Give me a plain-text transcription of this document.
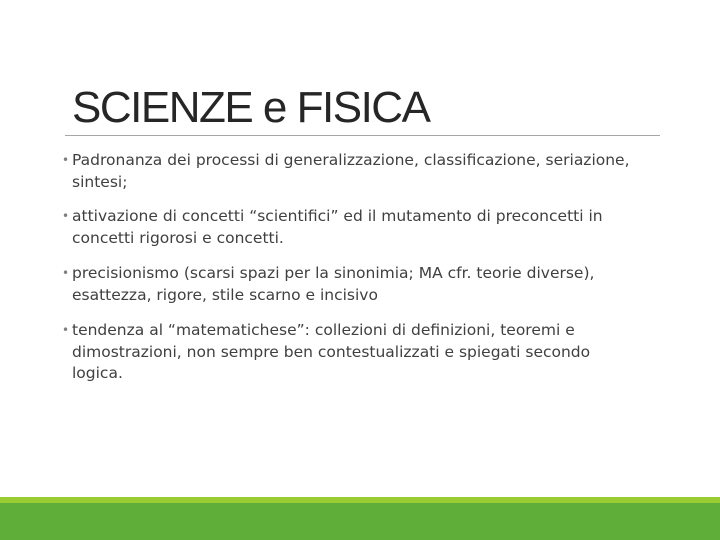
SCIENZE e FISICA
• Padronanza dei processi di generalizzazione, classificazione, seriazione,
sintesi;
• attivazione di concetti “scientifici” ed il mutamento di preconcetti in
concetti rigorosi e concetti.
• precisionismo (scarsi spazi per la sinonimia; MA cfr. teorie diverse),
esattezza, rigore, stile scarno e incisivo
• tendenza al “matematichese”: collezioni di definizioni, teoremi e
dimostrazioni, non sempre ben contestualizzati e spiegati secondo
logica.
